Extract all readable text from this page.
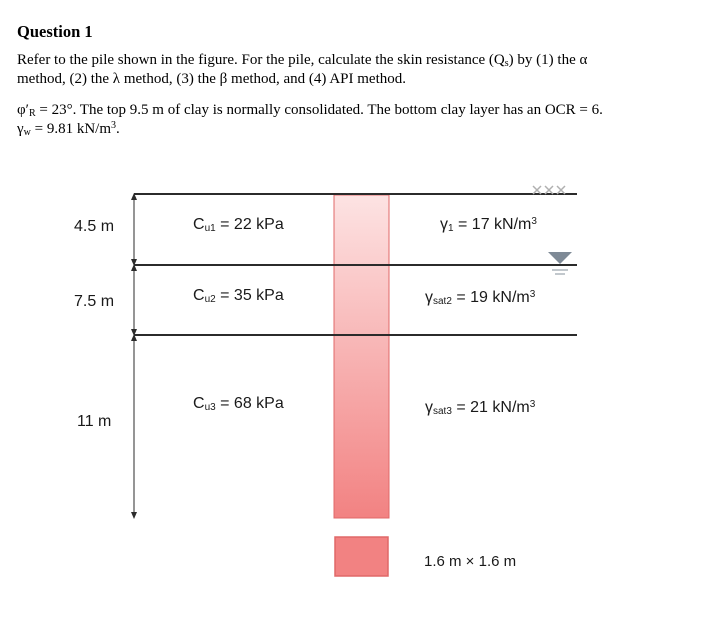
Question 1
Refer to the pile shown in the figure. For the pile, calculate the skin resistance $(Q_s)$ by (1) the α
method, (2) the λ method, (3) the β method, and (4) API method.
$\varphi'_R = 23^\circ$. The top 9.5 m of clay is normally consolidated. The bottom clay layer has an OCR = 6.
$\gamma_w = 9.81$ $kN/m^3$.
4.5 m
7.5 m
11 m
$C_{u1} = 22$ kPa
$C_{u2} = 35$ kPa
$C_{u3} = 68$ kPa
$\gamma_1 = 17$ $kN/m^3$
$\gamma_{sat2} = 19$ $kN/m^3$
$\gamma_{sat3} = 21$ $kN/m^3$
1.6 m × 1.6 m
